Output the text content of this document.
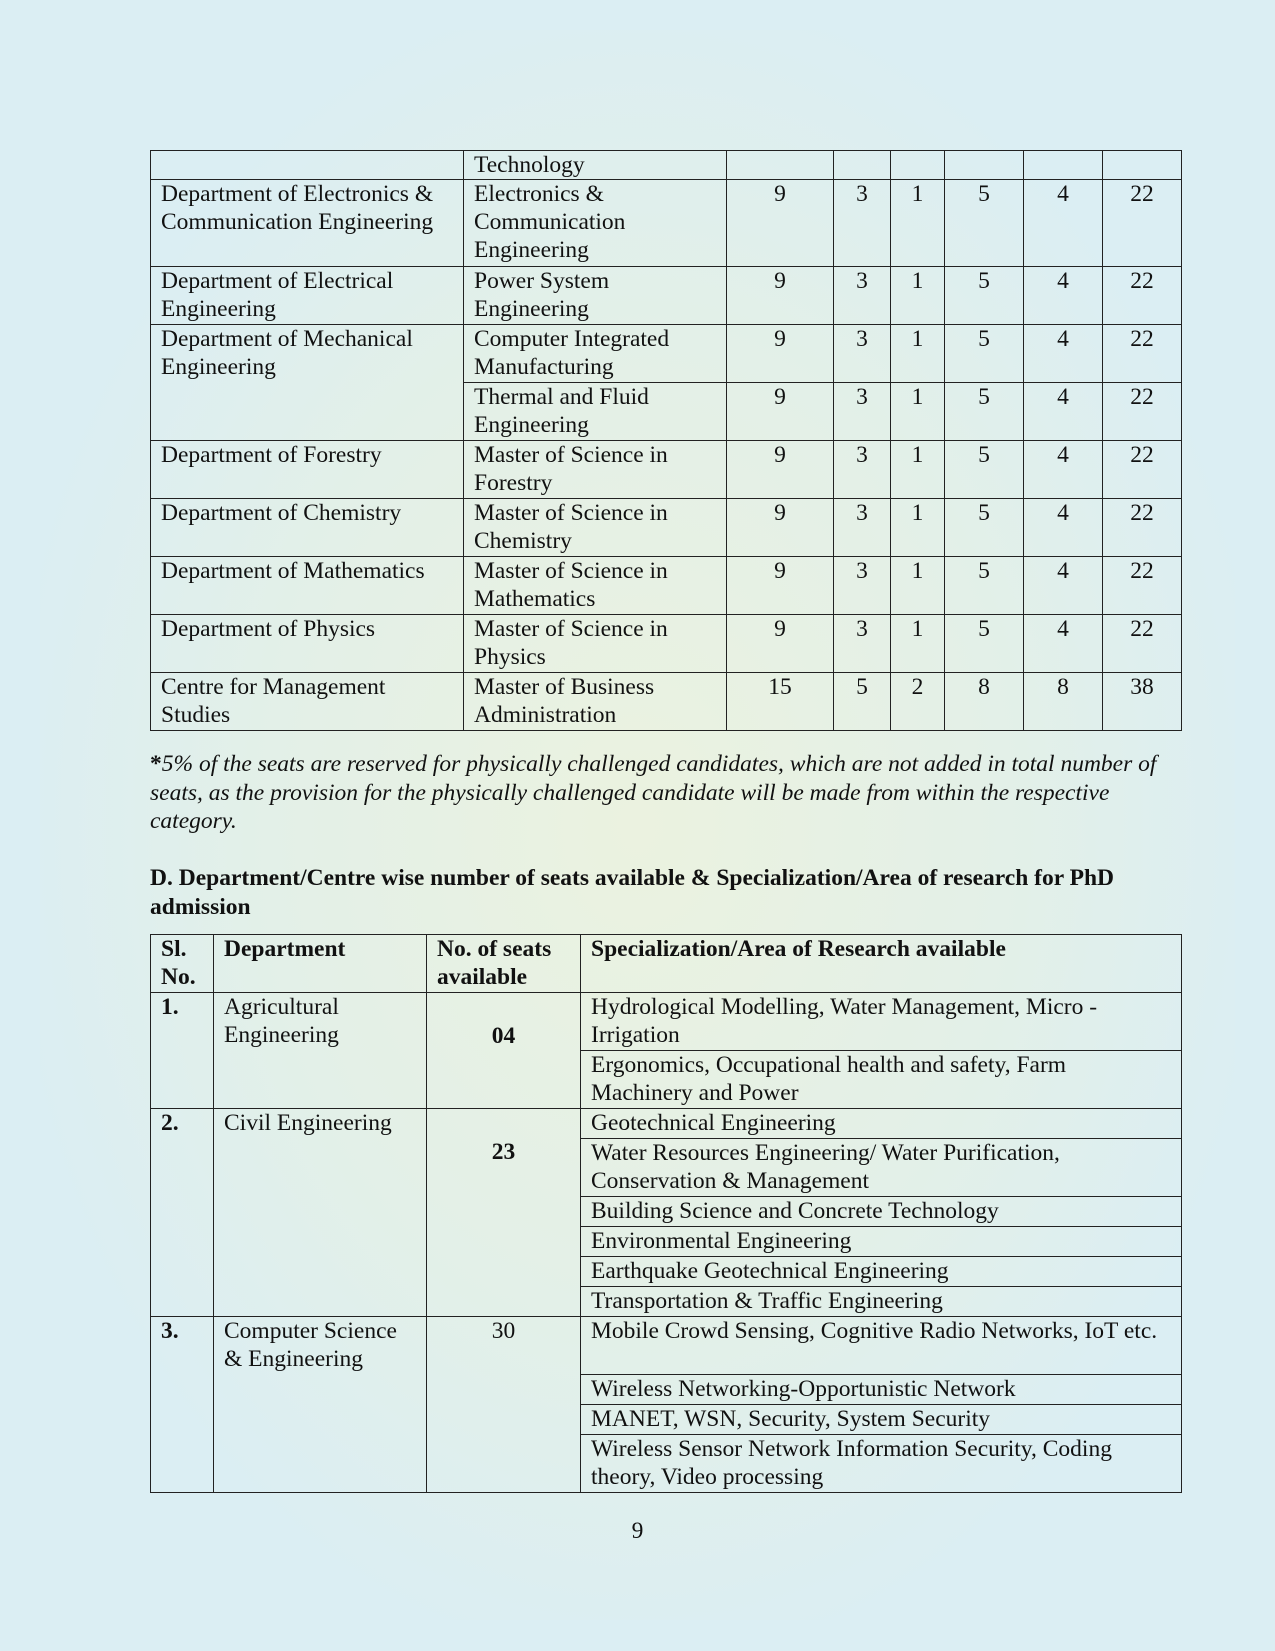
	Technology						
Department of Electronics & Communication Engineering	Electronics & Communication Engineering	9	3	1	5	4	22
Department of Electrical Engineering	Power System Engineering	9	3	1	5	4	22
Department of Mechanical Engineering	Computer Integrated Manufacturing	9	3	1	5	4	22
	Thermal and Fluid Engineering	9	3	1	5	4	22
Department of Forestry	Master of Science in Forestry	9	3	1	5	4	22
Department of Chemistry	Master of Science in Chemistry	9	3	1	5	4	22
Department of Mathematics	Master of Science in Mathematics	9	3	1	5	4	22
Department of Physics	Master of Science in Physics	9	3	1	5	4	22
Centre for Management Studies	Master of Business Administration	15	5	2	8	8	38
*5% of the seats are reserved for physically challenged candidates, which are not added in total number of seats, as the provision for the physically challenged candidate will be made from within the respective category.
D. Department/Centre wise number of seats available & Specialization/Area of research for PhD admission
Sl. No.	Department	No. of seats available	Specialization/Area of Research available
1.	Agricultural Engineering	04	Hydrological Modelling, Water Management, Micro - Irrigation
			Ergonomics, Occupational health and safety, Farm Machinery and Power
2.	Civil Engineering	23	Geotechnical Engineering
			Water Resources Engineering/ Water Purification, Conservation & Management
			Building Science and Concrete Technology
			Environmental Engineering
			Earthquake Geotechnical Engineering
			Transportation & Traffic Engineering
3.	Computer Science & Engineering	30	Mobile Crowd Sensing, Cognitive Radio Networks, IoT etc.
			Wireless Networking-Opportunistic Network
			MANET, WSN, Security, System Security
			Wireless Sensor Network Information Security, Coding theory, Video processing
9
